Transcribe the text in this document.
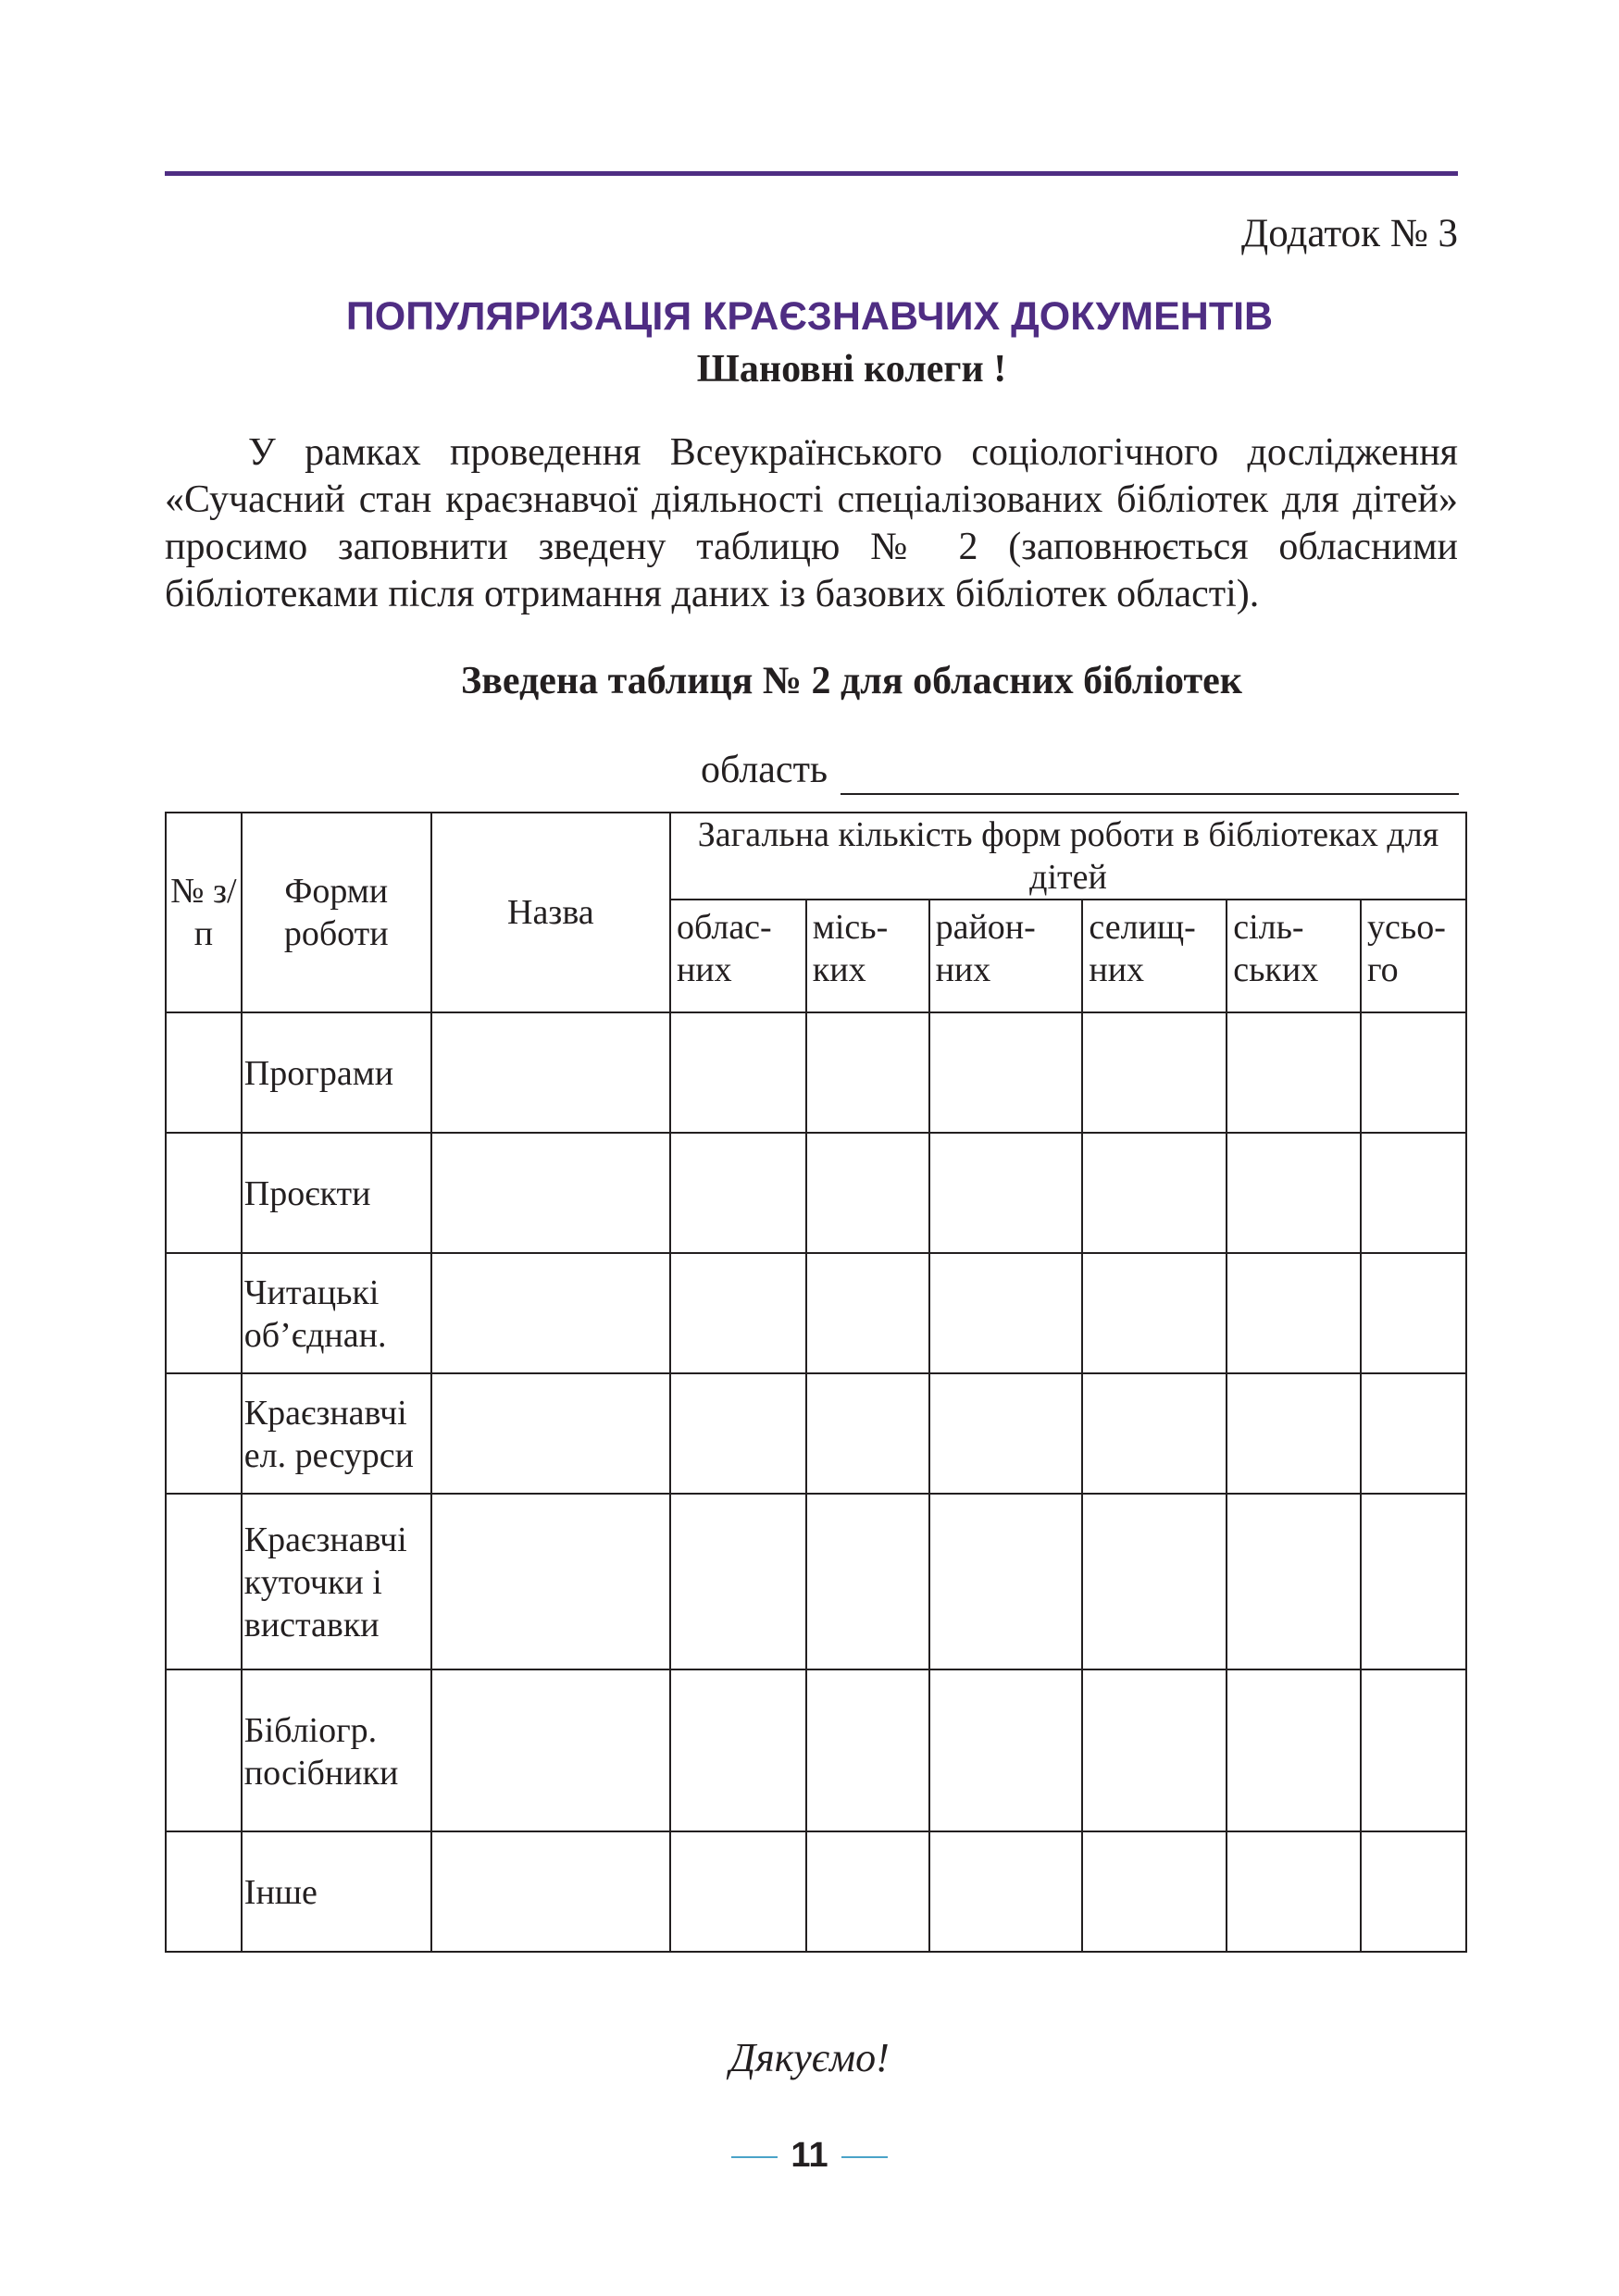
Додаток № 3
ПОПУЛЯРИЗАЦІЯ КРАЄЗНАВЧИХ ДОКУМЕНТІВ
Шановні колеги !

У рамках проведення Всеукраїнського соціологічного дослідження «Сучасний стан краєзнавчої діяльності спеціалізованих бібліотек для дітей» просимо заповнити зведену таблицю № 2 (заповнюється обласними бібліотеками після отримання даних із базових бібліотек області).

Зведена таблиця № 2 для обласних бібліотек
область
№ з/п	Форми роботи	Назва	Загальна кількість форм роботи в бібліотеках для дітей					
			облас-них	місь-ких	район-них	селищ-них	сіль-ських	усьо-го
	Програми							
	Проєкти							
	Читацькі об’єднан.							
	Краєзнавчі ел. ресурси							
	Краєзнавчі куточки і виставки							
	Бібліогр. посібники							
	Інше							
Дякуємо!
11
